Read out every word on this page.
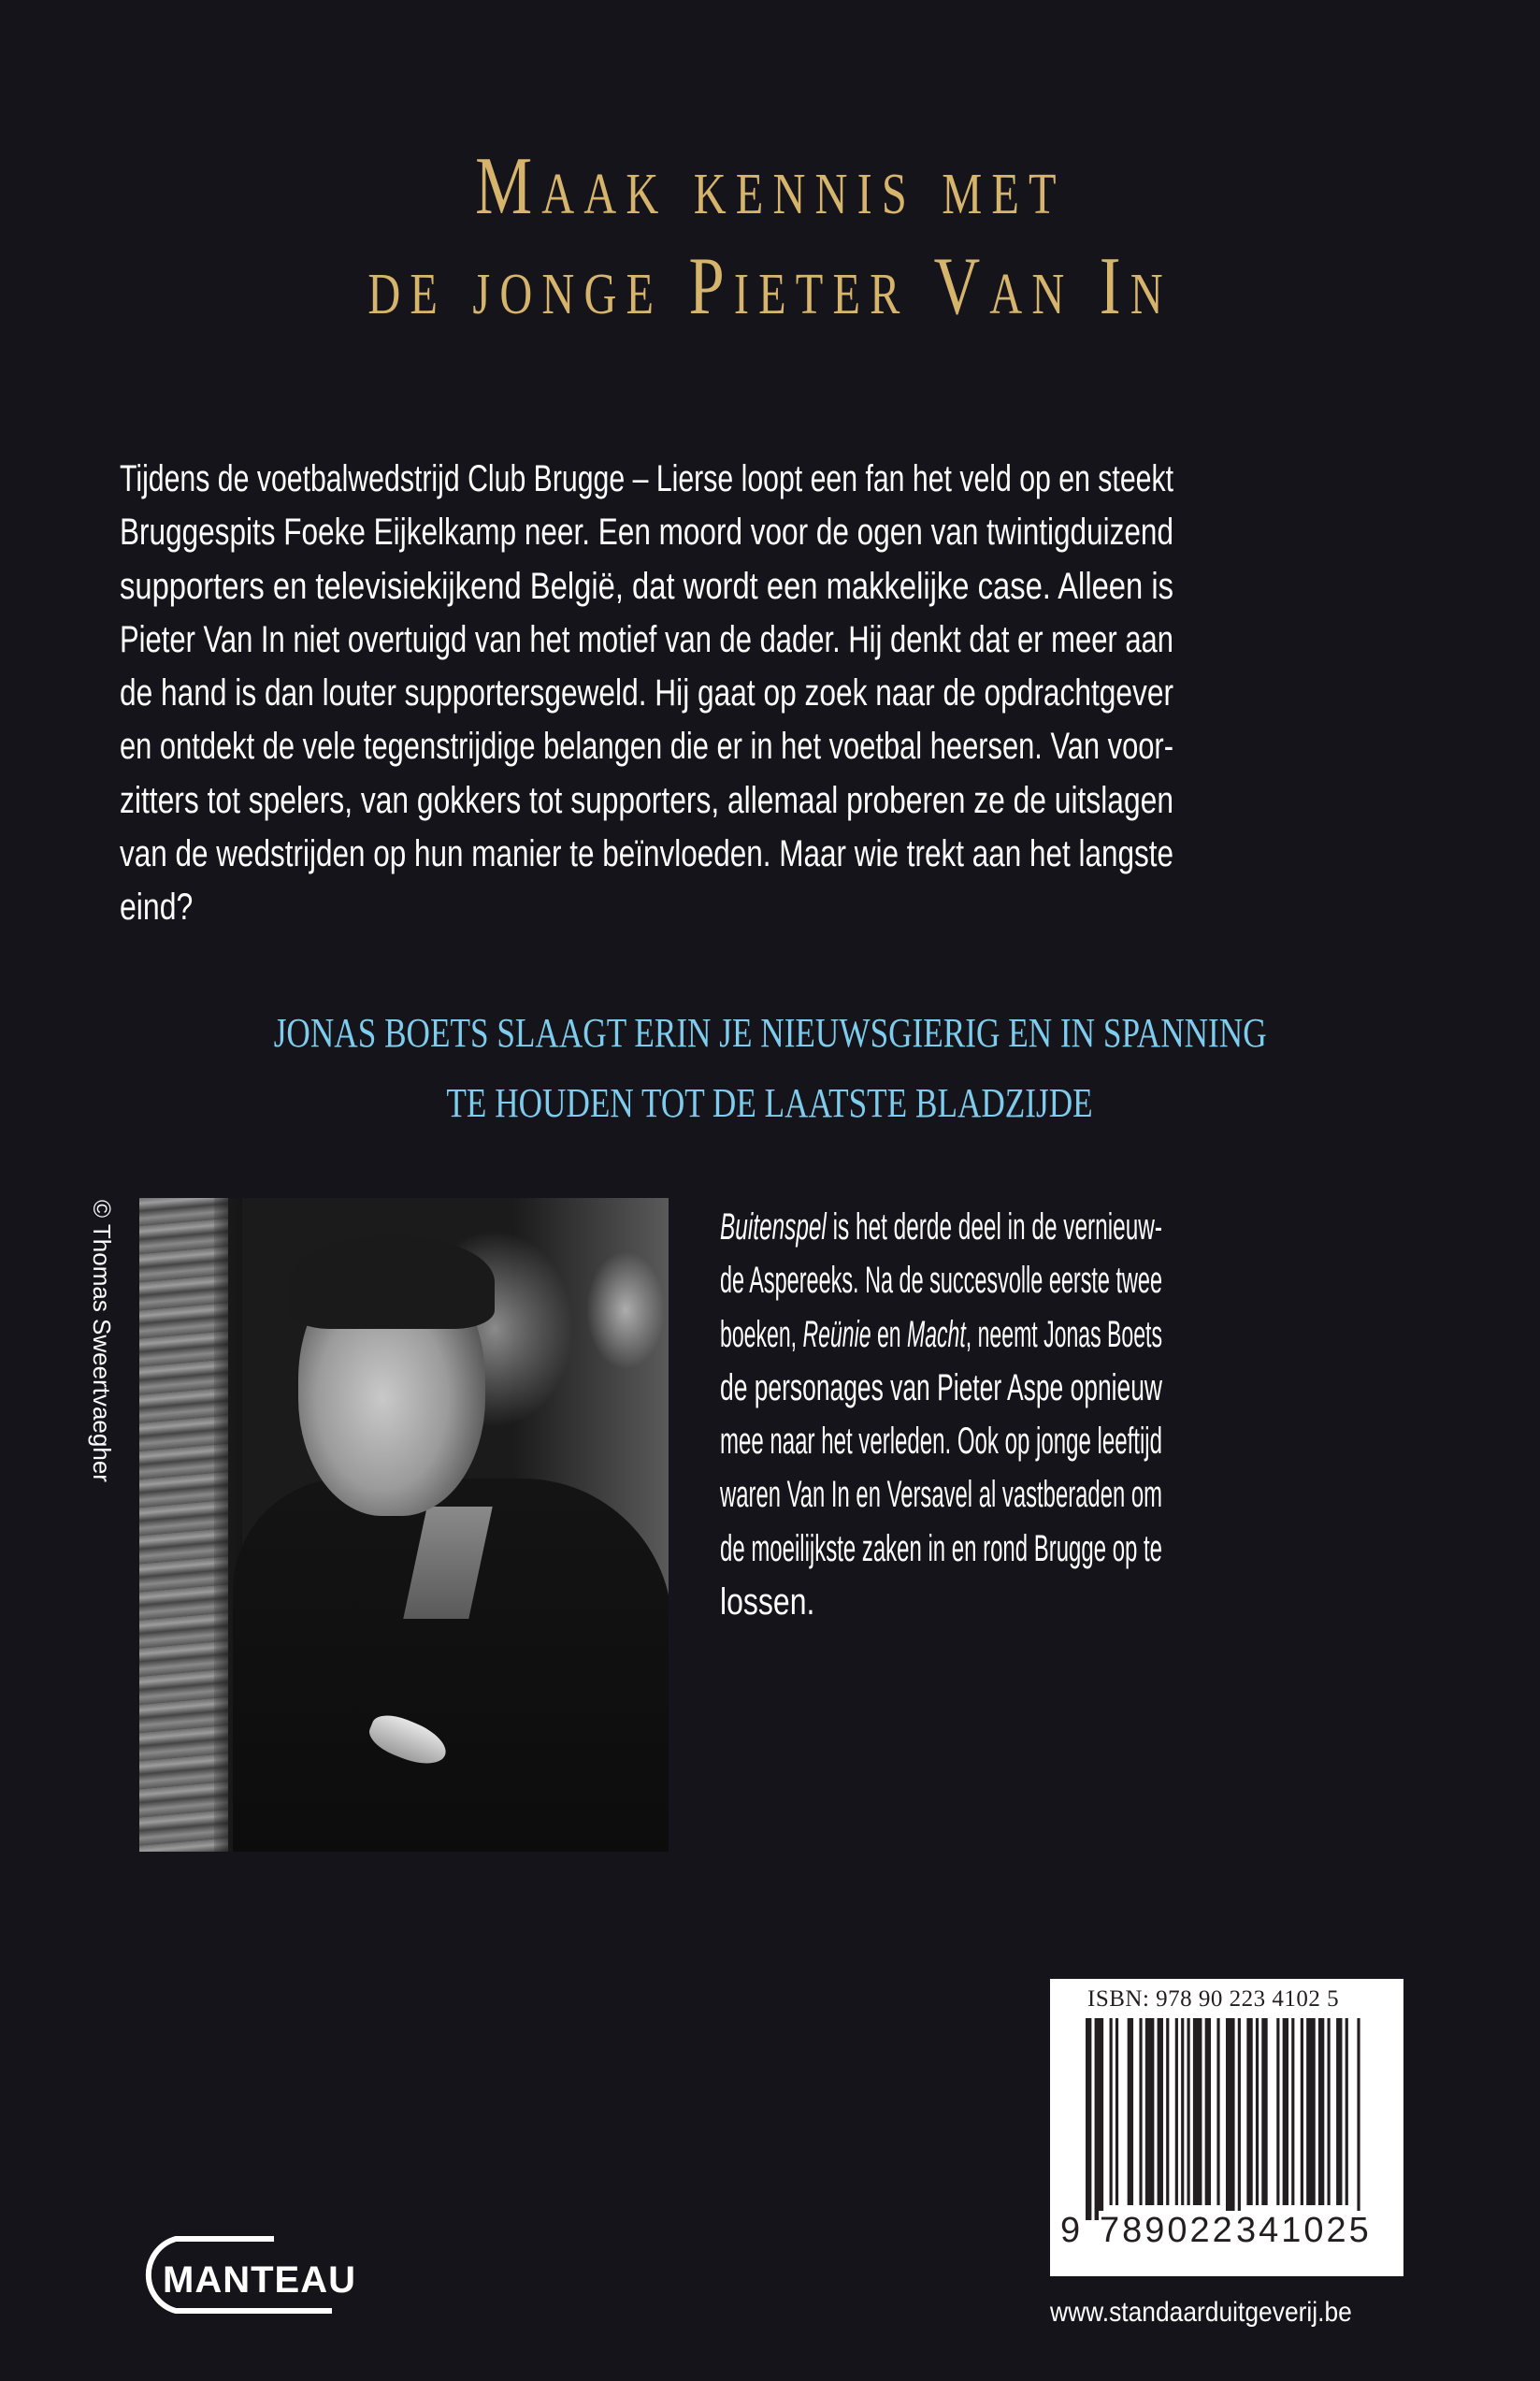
Maak kennis met
de jonge Pieter Van In
Tijdens de voetbalwedstrijd Club Brugge – Lierse loopt een fan het veld op en steekt
Bruggespits Foeke Eijkelkamp neer. Een moord voor de ogen van twintigduizend
supporters en televisiekijkend België, dat wordt een makkelijke case. Alleen is
Pieter Van In niet overtuigd van het motief van de dader. Hij denkt dat er meer aan
de hand is dan louter supportersgeweld. Hij gaat op zoek naar de opdrachtgever
en ontdekt de vele tegenstrijdige belangen die er in het voetbal heersen. Van voor-
zitters tot spelers, van gokkers tot supporters, allemaal proberen ze de uitslagen
van de wedstrijden op hun manier te beïnvloeden. Maar wie trekt aan het langste
eind?
JONAS BOETS SLAAGT ERIN JE NIEUWSGIERIG EN IN SPANNING
TE HOUDEN TOT DE LAATSTE BLADZIJDE
© Thomas Sweertvaegher	Buitenspel is het derde deel in de vernieuw-
de Aspereeks. Na de succesvolle eerste twee
boeken, Reünie en Macht, neemt Jonas Boets
de personages van Pieter Aspe opnieuw
mee naar het verleden. Ook op jonge leeftijd
waren Van In en Versavel al vastberaden om
de moeilijkste zaken in en rond Brugge op te
lossen.
ISBN: 978 90 223 4102 5
9 789022 341025
www.standaarduitgeverij.be
MANTEAU
